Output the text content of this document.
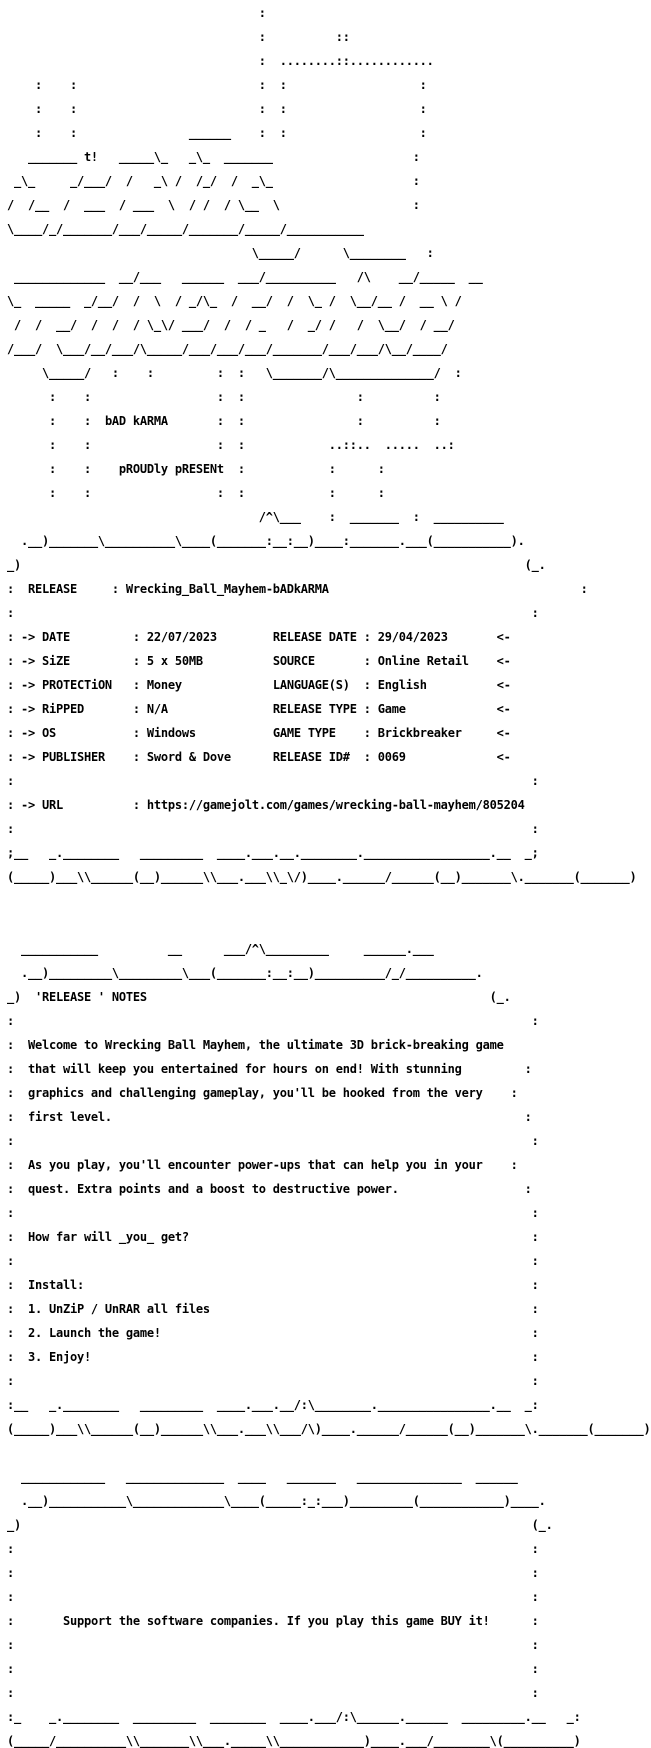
:

:          ::

:  ........::............

:    :                          :  :                   :

:    :                          :  :                   :

:    :                ______    :  :                   :

_______ t!   _____\_   _\_  _______                    :

_\_     _/___/  /   _\ /  /_/  /  _\_                    :

/  /__  /  ___  / ___  \  / /  / \__  \                   :

\____/_/_______/___/_____/_______/_____/___________

\_____/      \________   :

_____________  __/___   ______  ___/__________   /\    __/_____  __

\_  _____  _/__/  /  \  / _/\_  /  __/  /  \_ /  \__/__ /  __ \ /

/  /  __/  /  /  / \_\/ ___/  /  / _   /  _/ /   /  \__/  / __/

/___/  \___/__/___/\_____/___/___/___/_______/___/___/\__/____/

\_____/   :    :         :  :   \_______/\______________/  :

:    :                  :  :                :          :

:    :  bAD kARMA       :  :                :          :

:    :                  :  :            ..::..  .....  ..:

:    :    pROUDly pRESENt  :            :      :

:    :                  :  :            :      :

/^\___    :  _______  :  __________

.__)_______\__________\____(_______:__:__)____:_______.___(___________).

_)                                                                        (_.

:  RELEASE     : Wrecking_Ball_Mayhem-bADkARMA                                    :

:                                                                          :

: -> DATE         : 22/07/2023	RELEASE DATE : 29/04/2023       <-

: -> SiZE         : 5 x 50MB	SOURCE       : Online Retail    <-

: -> PROTECTiON   : Money	LANGUAGE(S)  : English          <-

: -> RiPPED       : N/A	RELEASE TYPE : Game             <-

: -> OS           : Windows	GAME TYPE    : Brickbreaker     <-

: -> PUBLISHER    : Sword & Dove	RELEASE ID#  : 0069             <-

:                                                                          :

: -> URL          : https://gamejolt.com/games/wrecking-ball-mayhem/805204

:                                                                          :

;__   _.________   _________  ____.___.__.________.__________________.__  _;

(_____)___\\______(__)______\\___.___\\_\/)____.______/______(__)_______\._______(_______)

___________          __      ___/^\_________     ______.___

.__)_________\_________\___(_______:__:__)__________/_/__________.

_)  'RELEASE ' NOTES                                                 (_.

:                                                                          :

:  Welcome to Wrecking Ball Mayhem, the ultimate 3D brick-breaking game

:  that will keep you entertained for hours on end! With stunning         :

:  graphics and challenging gameplay, you'll be hooked from the very    :

:  first level.                                                           :

:                                                                          :

:  As you play, you'll encounter power-ups that can help you in your    :

:  quest. Extra points and a boost to destructive power.                  :

:                                                                          :

:  How far will _you_ get?                                                 :

:                                                                          :

:  Install:                                                                :

:  1. UnZiP / UnRAR all files                                              :

:  2. Launch the game!                                                     :

:  3. Enjoy!                                                               :

:                                                                          :

:__   _.________   _________  ____.___.__/:\________.________________.__  _:

(_____)___\\______(__)______\\___.___\\___/\)____.______/______(__)_______\._______(_______)

____________   ______________  ____   _______   _______________  ______

.__)___________\_____________\____(_____:_:___)_________(____________)____.

_)                                                                         (_.

:                                                                          :

:                                                                          :

:                                                                          :

:       Support the software companies. If you play this game BUY it!      :

:                                                                          :

:                                                                          :

:                                                                          :

:_    _.________  _________  ________  ____.___/:\______.______  _________.__   _:

(_____/__________\\_______\\___._____\\____________)____.___/________\(__________)
